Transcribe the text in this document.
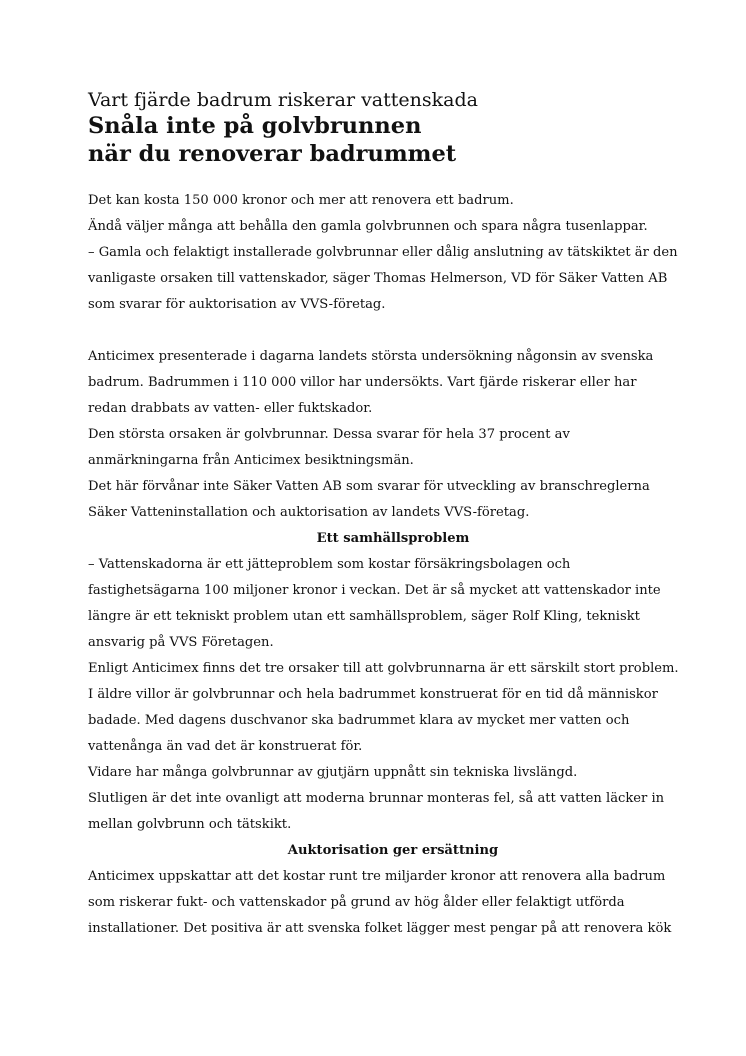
Vart fjärde badrum riskerar vattenskada

Snåla inte på golvbrunnen

när du renoverar badrummet

Det kan kosta 150 000 kronor och mer att renovera ett badrum.

Ändå väljer många att behålla den gamla golvbrunnen och spara några tusenlappar.

– Gamla och felaktigt installerade golvbrunnar eller dålig anslutning av tätskiktet är den

vanligaste orsaken till vattenskador, säger Thomas Helmerson, VD för Säker Vatten AB

som svarar för auktorisation av VVS-företag.

Anticimex presenterade i dagarna landets största undersökning någonsin av svenska

badrum. Badrummen i 110 000 villor har undersökts. Vart fjärde riskerar eller har

redan drabbats av vatten- eller fuktskador.

Den största orsaken är golvbrunnar. Dessa svarar för hela 37 procent av

anmärkningarna från Anticimex besiktningsmän.

Det här förvånar inte Säker Vatten AB som svarar för utveckling av branschreglerna

Säker Vatteninstallation och auktorisation av landets VVS-företag.

Ett samhällsproblem

– Vattenskadorna är ett jätteproblem som kostar försäkringsbolagen och

fastighetsägarna 100 miljoner kronor i veckan. Det är så mycket att vattenskador inte

längre är ett tekniskt problem utan ett samhällsproblem, säger Rolf Kling, tekniskt

ansvarig på VVS Företagen.

Enligt Anticimex finns det tre orsaker till att golvbrunnarna är ett särskilt stort problem.

I äldre villor är golvbrunnar och hela badrummet konstruerat för en tid då människor

badade. Med dagens duschvanor ska badrummet klara av mycket mer vatten och

vattenånga än vad det är konstruerat för.

Vidare har många golvbrunnar av gjutjärn uppnått sin tekniska livslängd.

Slutligen är det inte ovanligt att moderna brunnar monteras fel, så att vatten läcker in

mellan golvbrunn och tätskikt.

Auktorisation ger ersättning

Anticimex uppskattar att det kostar runt tre miljarder kronor att renovera alla badrum

som riskerar fukt- och vattenskador på grund av hög ålder eller felaktigt utförda

installationer. Det positiva är att svenska folket lägger mest pengar på att renovera kök
